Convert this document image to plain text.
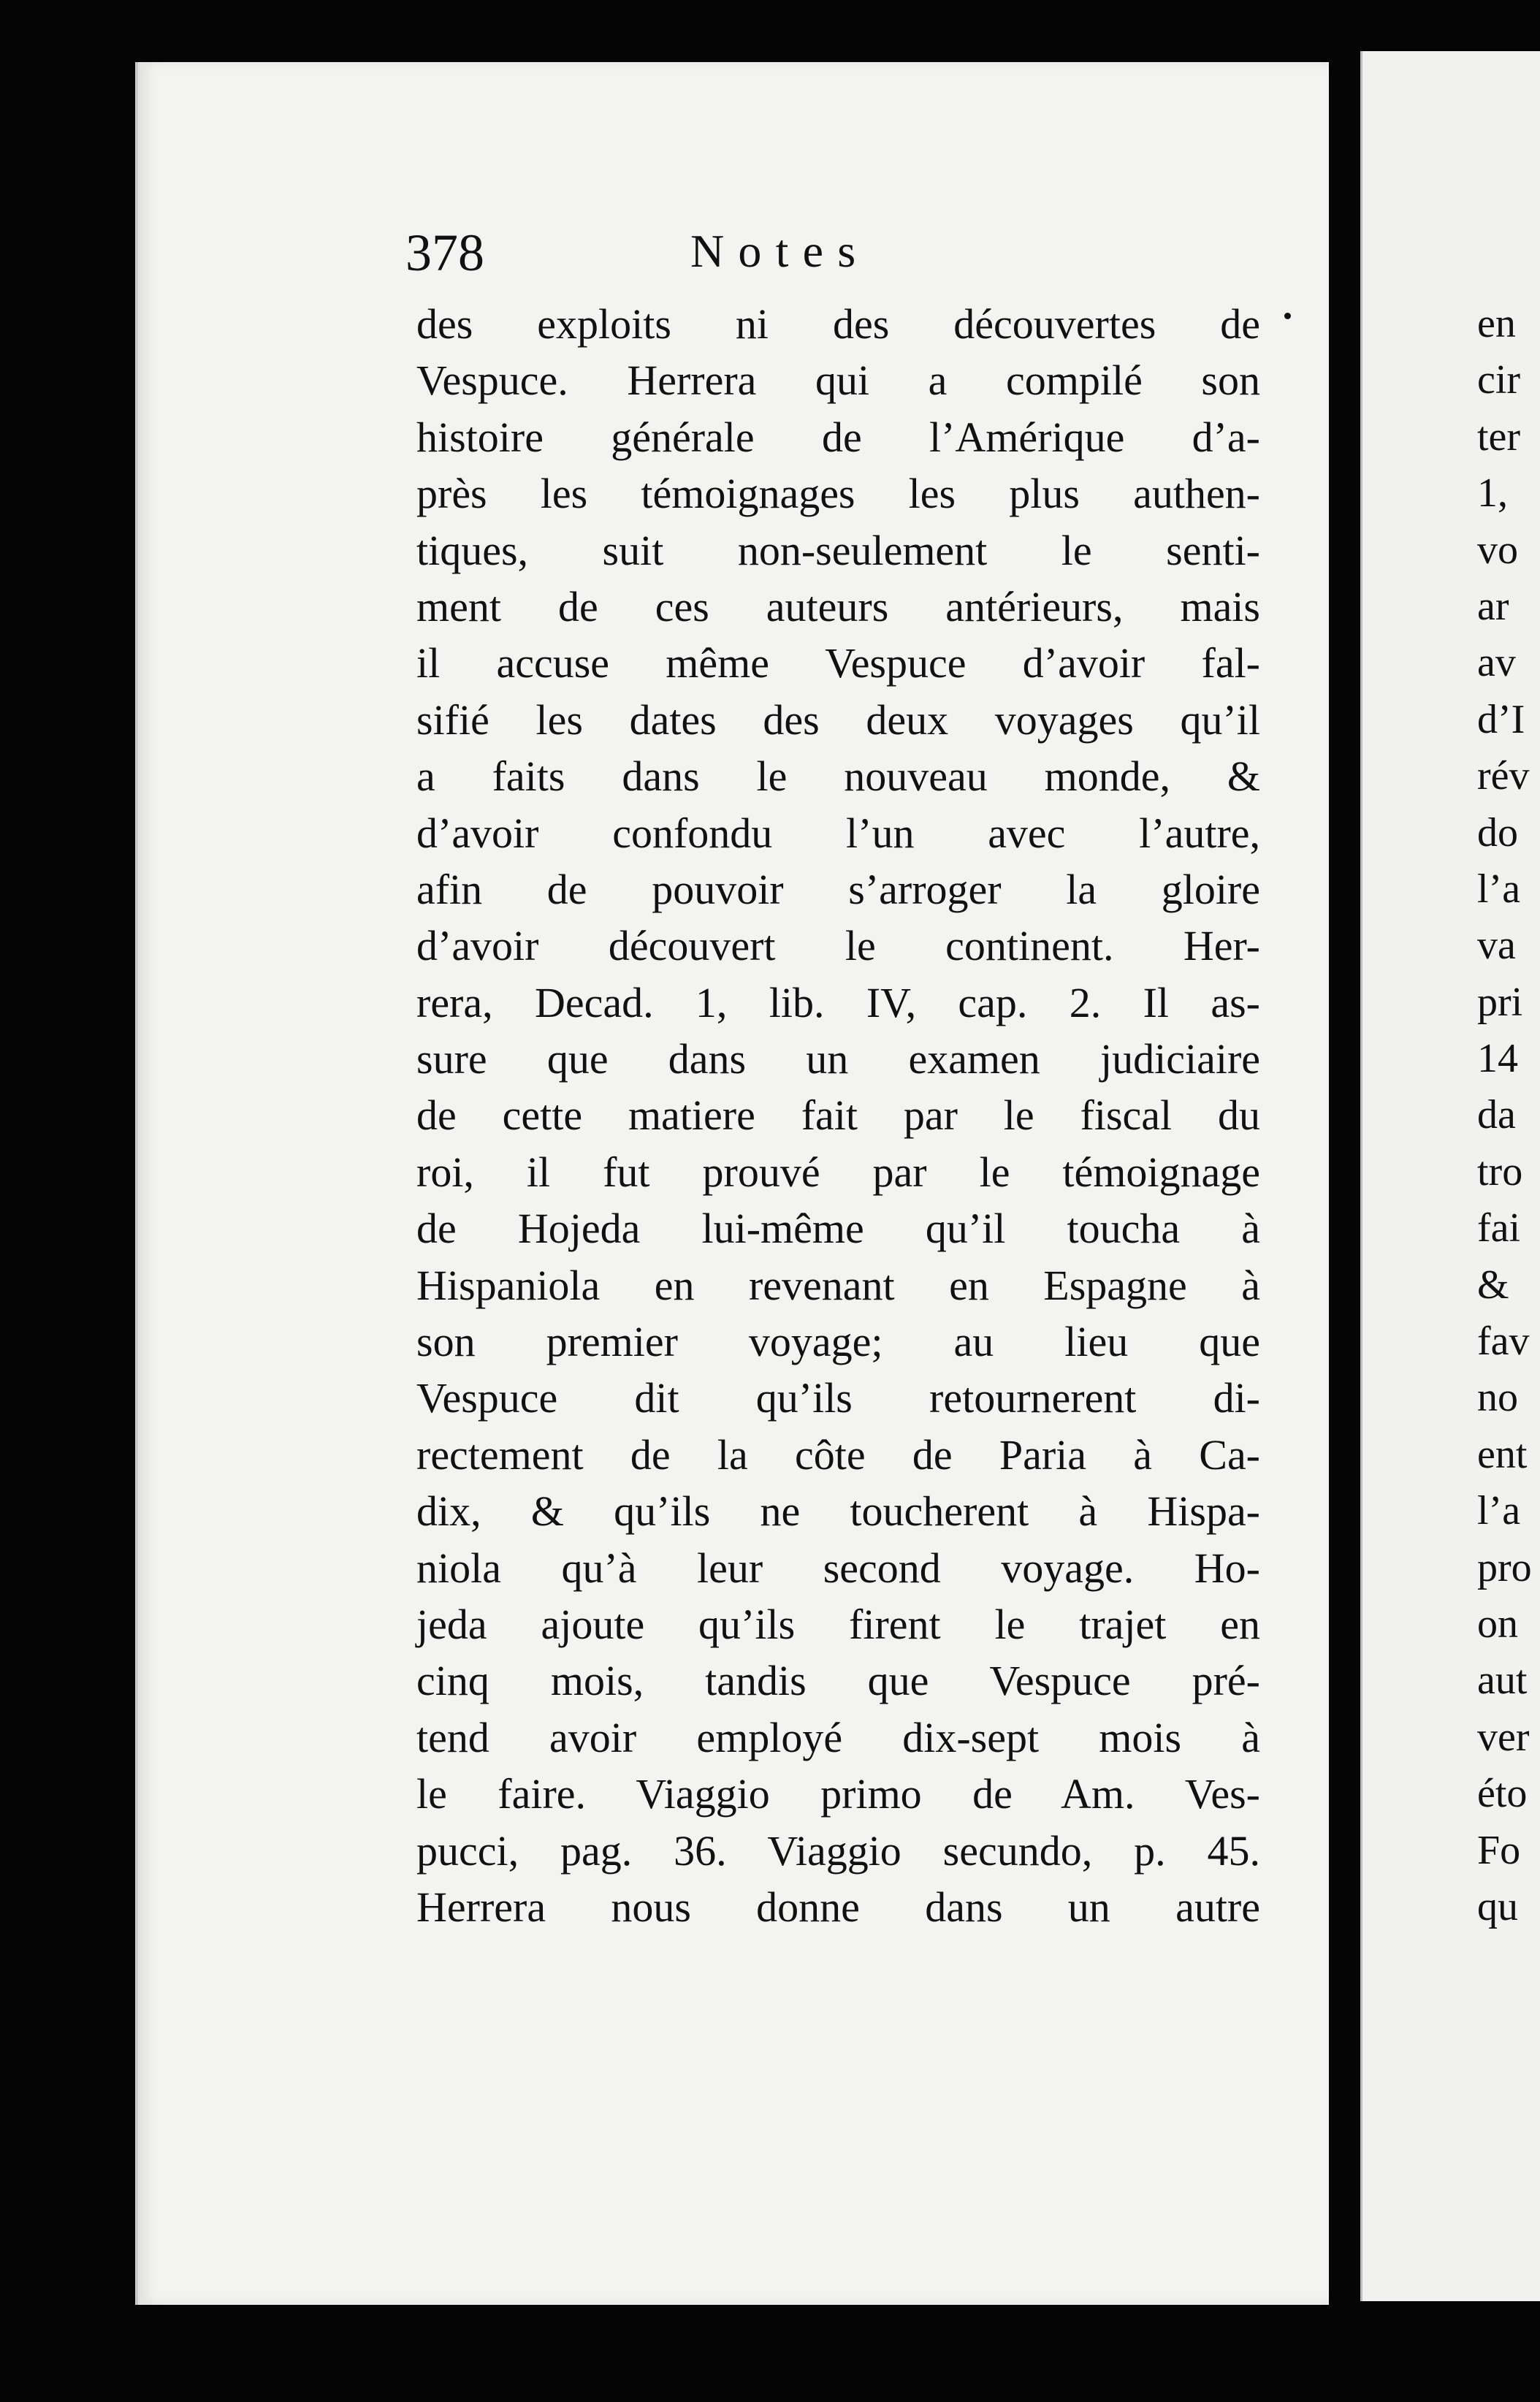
378	Notes
des exploits ni des découvertes de
Vespuce. Herrera qui a compilé son
histoire générale de l’Amérique d’a-
près les témoignages les plus authen-
tiques, suit non-seulement le senti-
ment de ces auteurs antérieurs, mais
il accuse même Vespuce d’avoir fal-
sifié les dates des deux voyages qu’il
a faits dans le nouveau monde, &
d’avoir confondu l’un avec l’autre,
afin de pouvoir s’arroger la gloire
d’avoir découvert le continent. Her-
rera, Decad. 1, lib. IV, cap. 2. Il as-
sure que dans un examen judiciaire
de cette matiere fait par le fiscal du
roi, il fut prouvé par le témoignage
de Hojeda lui-même qu’il toucha à
Hispaniola en revenant en Espagne à
son premier voyage; au lieu que
Vespuce dit qu’ils retournerent di-
rectement de la côte de Paria à Ca-
dix, & qu’ils ne toucherent à Hispa-
niola qu’à leur second voyage. Ho-
jeda ajoute qu’ils firent le trajet en
cinq mois, tandis que Vespuce pré-
tend avoir employé dix-sept mois à
le faire. Viaggio primo de Am. Ves-
pucci, pag. 36. Viaggio secundo, p. 45.
Herrera nous donne dans un autre
en
cir
ter
1,
vo
ar
av
d’I
rév
do
l’a
va
pri
14
da
tro
fai
&
fav
no
ent
l’a
pro
on
aut
ver
éto
Fo
qu
